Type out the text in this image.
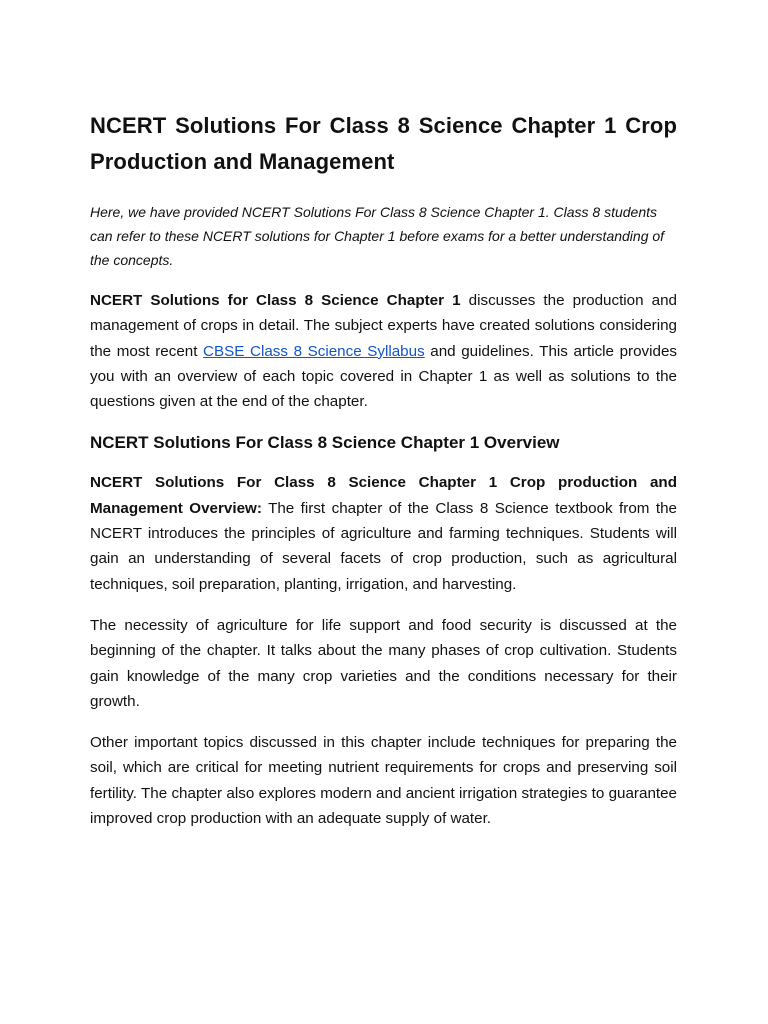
NCERT Solutions For Class 8 Science Chapter 1 Crop
Production and Management

Here, we have provided NCERT Solutions For Class 8 Science Chapter 1. Class 8 students can refer to these NCERT solutions for Chapter 1 before exams for a better understanding of the concepts.

NCERT Solutions for Class 8 Science Chapter 1 discusses the production and management of crops in detail. The subject experts have created solutions considering the most recent CBSE Class 8 Science Syllabus and guidelines. This article provides you with an overview of each topic covered in Chapter 1 as well as solutions to the questions given at the end of the chapter.

NCERT Solutions For Class 8 Science Chapter 1 Overview

NCERT Solutions For Class 8 Science Chapter 1 Crop production and Management Overview: The first chapter of the Class 8 Science textbook from the NCERT introduces the principles of agriculture and farming techniques. Students will gain an understanding of several facets of crop production, such as agricultural techniques, soil preparation, planting, irrigation, and harvesting.

The necessity of agriculture for life support and food security is discussed at the beginning of the chapter. It talks about the many phases of crop cultivation. Students gain knowledge of the many crop varieties and the conditions necessary for their growth.

Other important topics discussed in this chapter include techniques for preparing the soil, which are critical for meeting nutrient requirements for crops and preserving soil fertility. The chapter also explores modern and ancient irrigation strategies to guarantee improved crop production with an adequate supply of water.
